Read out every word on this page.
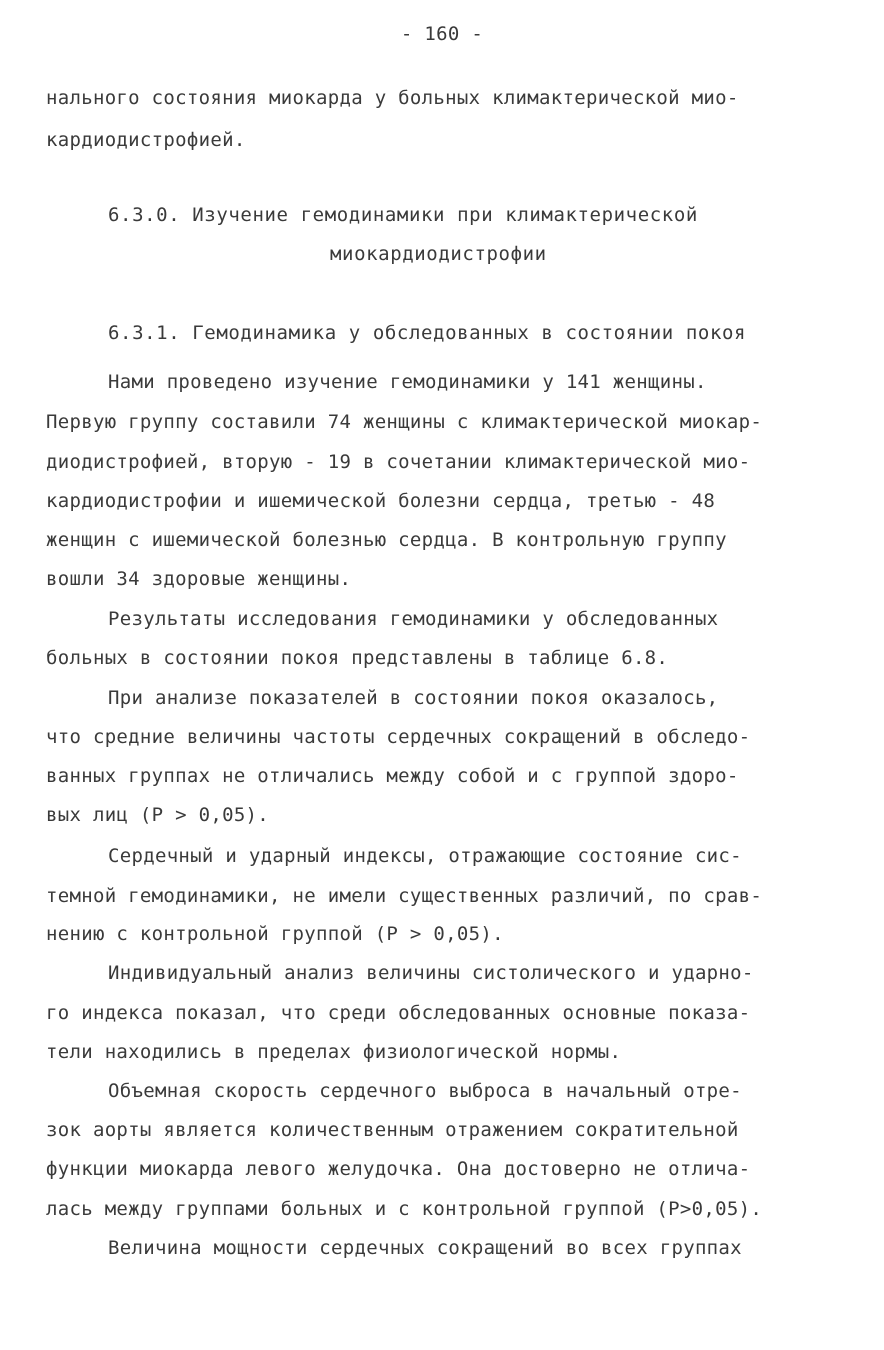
- 160 -
нального состояния миокарда у больных климактерической мио-
кардиодистрофией.
6.3.0. Изучение гемодинамики при климактерической
миокардиодистрофии
6.3.1. Гемодинамика у обследованных в состоянии покоя
Нами проведено изучение гемодинамики у 141 женщины.
Первую группу составили 74 женщины с климактерической миокар-
диодистрофией, вторую - 19 в сочетании климактерической мио-
кардиодистрофии и ишемической болезни сердца, третью - 48
женщин с ишемической болезнью сердца. В контрольную группу
вошли 34 здоровые женщины.
Результаты исследования гемодинамики у обследованных
больных в состоянии покоя представлены в таблице 6.8.
При анализе показателей в состоянии покоя оказалось,
что средние величины частоты сердечных сокращений в обследо-
ванных группах не отличались между собой и с группой здоро-
вых лиц (Р > 0,05).
Сердечный и ударный индексы, отражающие состояние сис-
темной гемодинамики, не имели существенных различий, по срав-
нению с контрольной группой (Р > 0,05).
Индивидуальный анализ величины систолического и ударно-
го индекса показал, что среди обследованных основные показа-
тели находились в пределах физиологической нормы.
Объемная скорость сердечного выброса в начальный отре-
зок аорты является количественным отражением сократительной
функции миокарда левого желудочка. Она достоверно не отлича-
лась между группами больных и с контрольной группой (Р>0,05).
Величина мощности сердечных сокращений во всех группах
